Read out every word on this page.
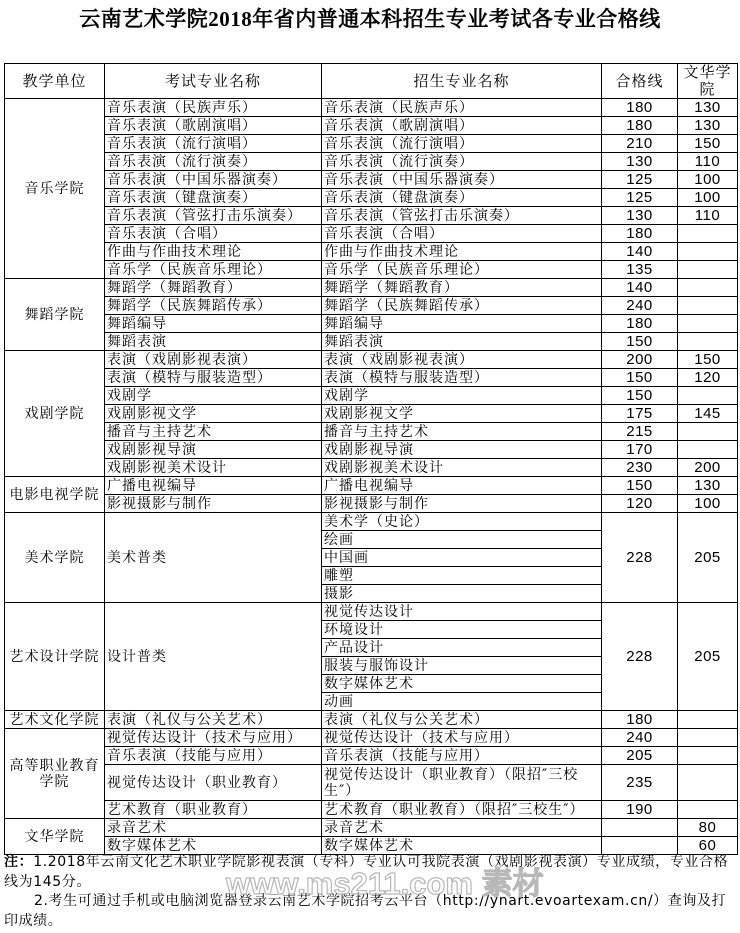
云南艺术学院2018年省内普通本科招生专业考试各专业合格线
教学单位	考试专业名称	招生专业名称	合格线	文华学院
音乐学院	音乐表演（民族声乐）	音乐表演（民族声乐）	180	130
	音乐表演（歌剧演唱）	音乐表演（歌剧演唱）	180	130
	音乐表演（流行演唱）	音乐表演（流行演唱）	210	150
	音乐表演（流行演奏）	音乐表演（流行演奏）	130	110
	音乐表演（中国乐器演奏）	音乐表演（中国乐器演奏）	125	100
	音乐表演（键盘演奏）	音乐表演（键盘演奏）	125	100
	音乐表演（管弦打击乐演奏）	音乐表演（管弦打击乐演奏）	130	110
	音乐表演（合唱）	音乐表演（合唱）	180	
	作曲与作曲技术理论	作曲与作曲技术理论	140	
	音乐学（民族音乐理论）	音乐学（民族音乐理论）	135	
舞蹈学院	舞蹈学（舞蹈教育）	舞蹈学（舞蹈教育）	140	
	舞蹈学（民族舞蹈传承）	舞蹈学（民族舞蹈传承）	240	
	舞蹈编导	舞蹈编导	180	
	舞蹈表演	舞蹈表演	150	
戏剧学院	表演（戏剧影视表演）	表演（戏剧影视表演）	200	150
	表演（模特与服装造型）	表演（模特与服装造型）	150	120
	戏剧学	戏剧学	150	
	戏剧影视文学	戏剧影视文学	175	145
	播音与主持艺术	播音与主持艺术	215	
	戏剧影视导演	戏剧影视导演	170	
	戏剧影视美术设计	戏剧影视美术设计	230	200
电影电视学院	广播电视编导	广播电视编导	150	130
	影视摄影与制作	影视摄影与制作	120	100
美术学院	美术普类	美术学（史论）	228	205
		绘画		
		中国画		
		雕塑		
		摄影		
艺术设计学院	设计普类	视觉传达设计	228	205
		环境设计		
		产品设计		
		服装与服饰设计		
		数字媒体艺术		
		动画		
艺术文化学院	表演（礼仪与公关艺术）	表演（礼仪与公关艺术）	180	
高等职业教育学院	视觉传达设计（技术与应用）	视觉传达设计（技术与应用）	240	
	音乐表演（技能与应用）	音乐表演（技能与应用）	205	
	视觉传达设计（职业教育）	视觉传达设计（职业教育）（限招″三校生″）	235	
	艺术教育（职业教育）	艺术教育（职业教育）（限招″三校生″）	190	
文华学院	录音艺术	录音艺术		80
	数字媒体艺术	数字媒体艺术		60

注：1.2018年云南文化艺术职业学院影视表演（专科）专业认可我院表演（戏剧影视表演）专业成绩，专业合格线为145分。

2.考生可通过手机或电脑浏览器登录云南艺术学院招考云平台（http://ynart.evoartexam.cn/）查询及打印成绩。

www.ms211.com 素材
